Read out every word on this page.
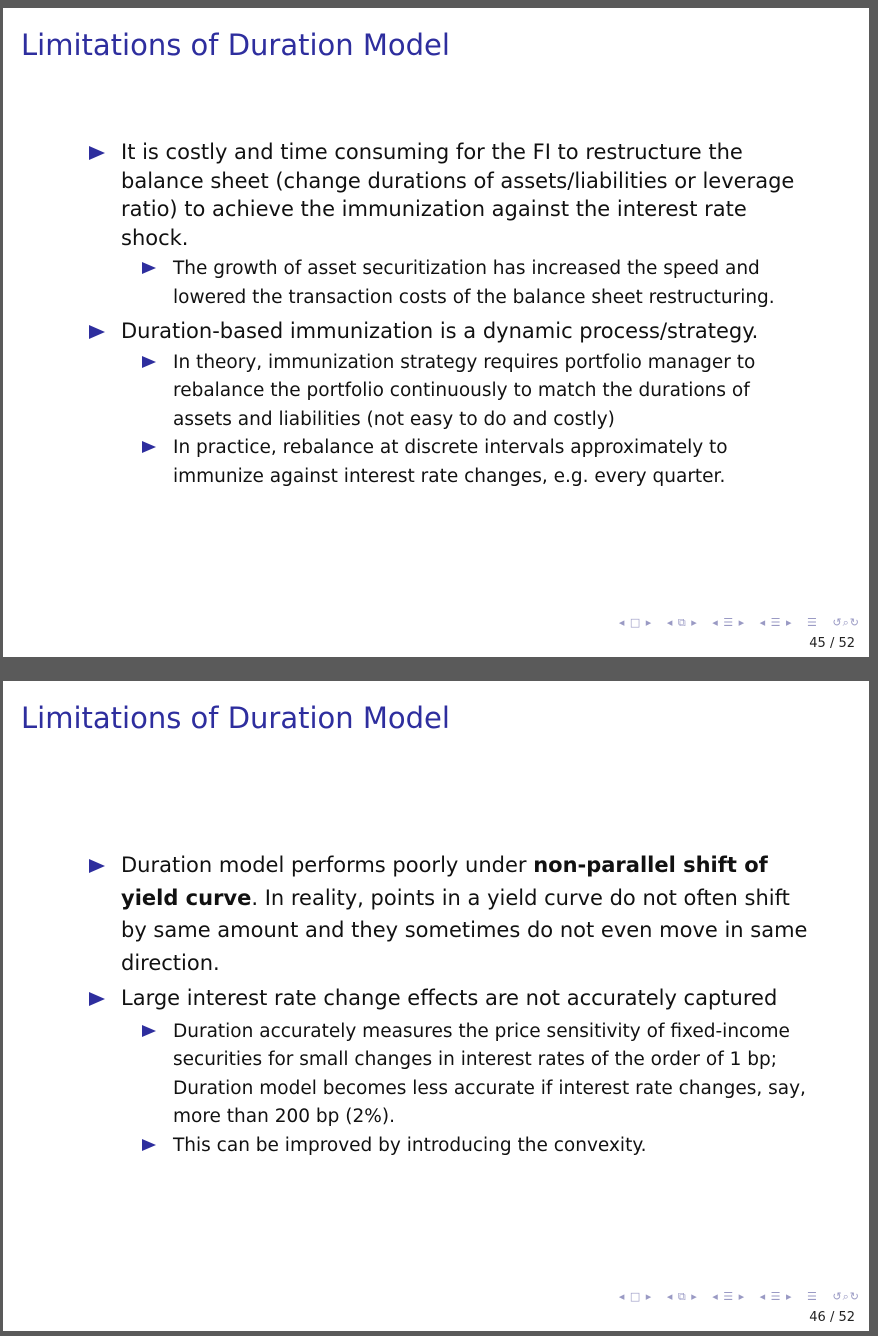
Limitations of Duration Model
It is costly and time consuming for the FI to restructure the balance sheet (change durations of assets/liabilities or leverage ratio) to achieve the immunization against the interest rate shock.
The growth of asset securitization has increased the speed and lowered the transaction costs of the balance sheet restructuring.
Duration-based immunization is a dynamic process/strategy.
In theory, immunization strategy requires portfolio manager to rebalance the portfolio continuously to match the durations of assets and liabilities (not easy to do and costly)
In practice, rebalance at discrete intervals approximately to immunize against interest rate changes, e.g. every quarter.
◂ □ ▸ ◂ ⧉ ▸ ◂ ☰ ▸ ◂ ☰ ▸ ☰ ↺⌕↻
45 / 52
Limitations of Duration Model
Duration model performs poorly under non-parallel shift of yield curve. In reality, points in a yield curve do not often shift by same amount and they sometimes do not even move in same direction.
Large interest rate change effects are not accurately captured
Duration accurately measures the price sensitivity of fixed-income securities for small changes in interest rates of the order of 1 bp; Duration model becomes less accurate if interest rate changes, say, more than 200 bp (2%).
This can be improved by introducing the convexity.
◂ □ ▸ ◂ ⧉ ▸ ◂ ☰ ▸ ◂ ☰ ▸ ☰ ↺⌕↻
46 / 52
